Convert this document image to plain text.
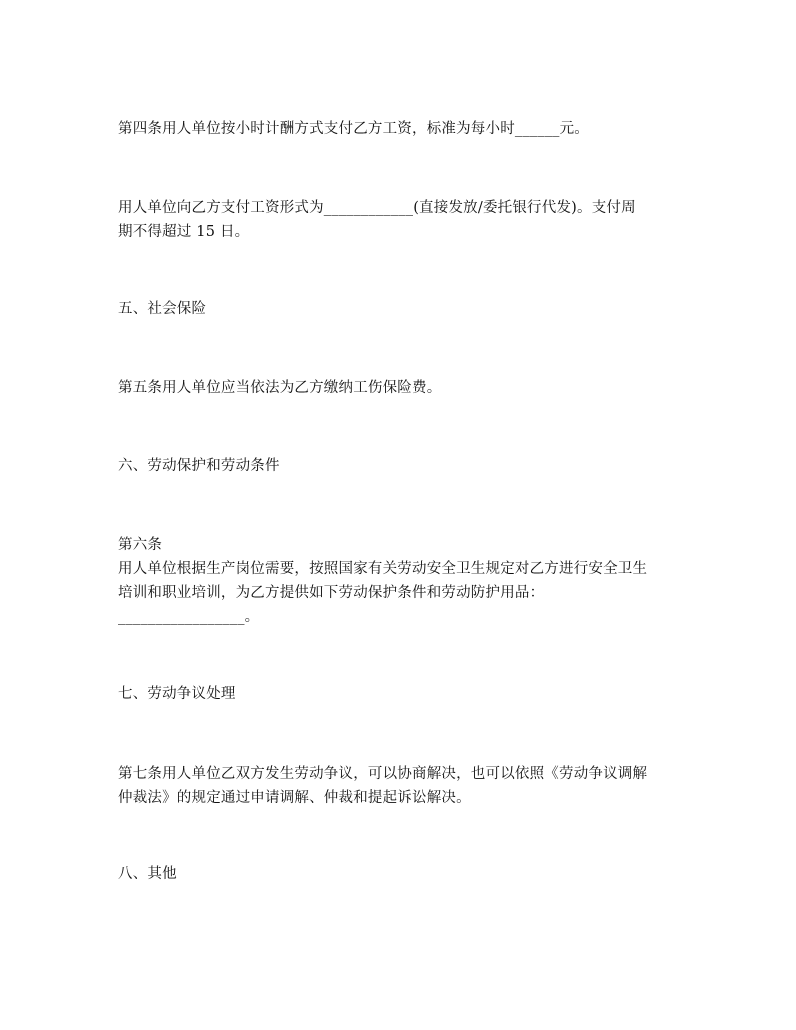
第四条用人单位按小时计酬方式支付乙方工资，标准为每小时______元。
用人单位向乙方支付工资形式为____________(直接发放/委托银行代发)。支付周
期不得超过 15 日。
五、社会保险
第五条用人单位应当依法为乙方缴纳工伤保险费。
六、劳动保护和劳动条件
第六条
用人单位根据生产岗位需要，按照国家有关劳动安全卫生规定对乙方进行安全卫生
培训和职业培训，为乙方提供如下劳动保护条件和劳动防护用品：
_________________。
七、劳动争议处理
第七条用人单位乙双方发生劳动争议，可以协商解决，也可以依照《劳动争议调解
仲裁法》的规定通过申请调解、仲裁和提起诉讼解决。
八、其他
